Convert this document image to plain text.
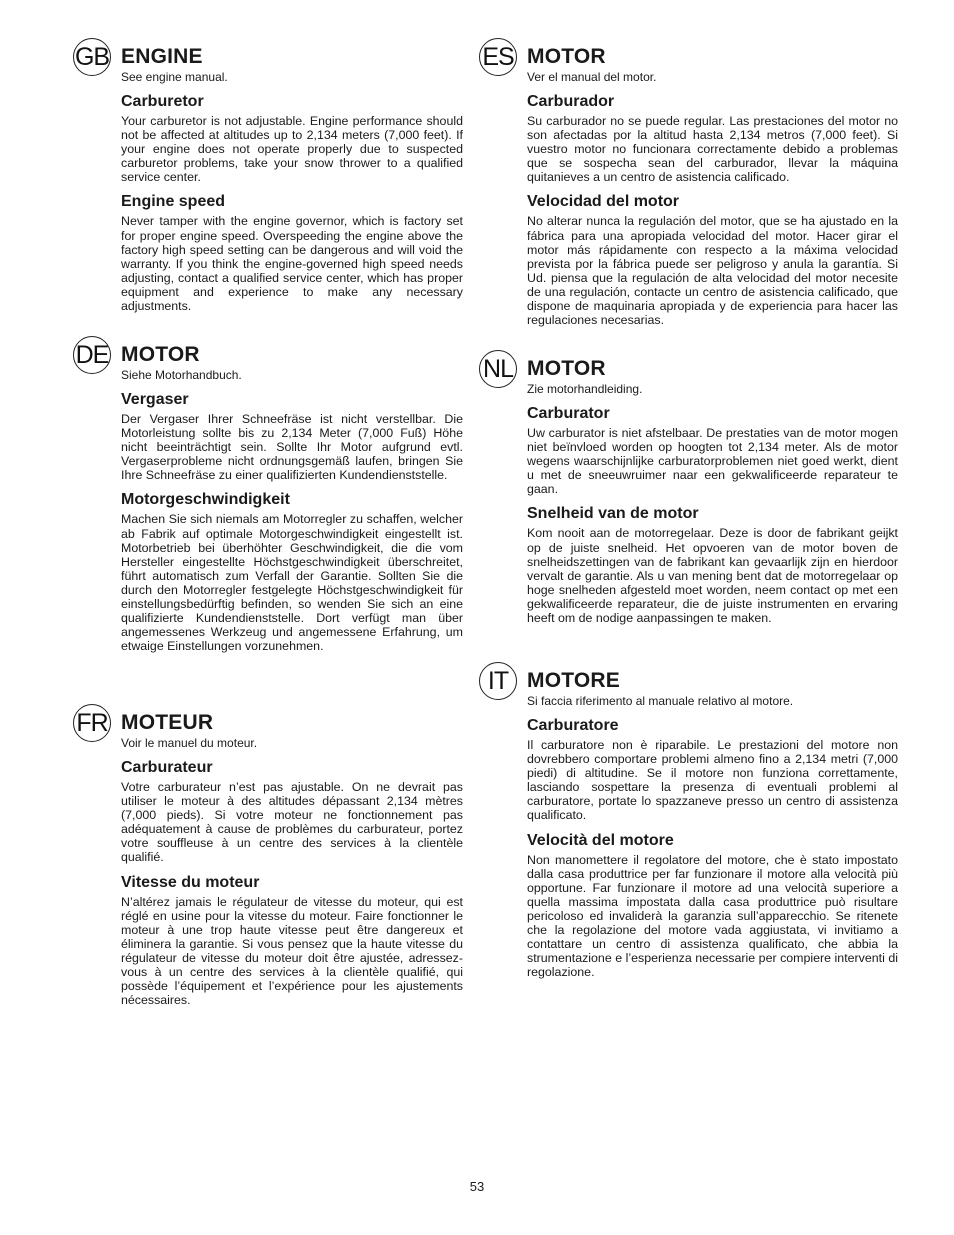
GB ENGINE
See engine manual.
Carburetor

Your carburetor is not adjustable. Engine performance should not be affected at altitudes up to 2,134 meters (7,000 feet). If your engine does not operate properly due to suspected carburetor problems, take your snow thrower to a qualified service center.

Engine speed

Never tamper with the engine governor, which is factory set for proper engine speed. Overspeeding the engine above the factory high speed setting can be dangerous and will void the warranty. If you think the engine-governed high speed needs adjusting, contact a qualified service center, which has proper equipment and experience to make any necessary adjustments.

DE MOTOR
Siehe Motorhandbuch.
Vergaser

Der Vergaser Ihrer Schneefräse ist nicht verstellbar. Die Motorleistung sollte bis zu 2,134 Meter (7,000 Fuß) Höhe nicht beeinträchtigt sein. Sollte Ihr Motor aufgrund evtl. Vergaserprobleme nicht ordnungsgemäß laufen, bringen Sie Ihre Schneefräse zu einer qualifizierten Kundendienststelle.

Motorgeschwindigkeit

Machen Sie sich niemals am Motorregler zu schaffen, welcher ab Fabrik auf optimale Motorgeschwindigkeit eingestellt ist. Motorbetrieb bei überhöhter Geschwindigkeit, die die vom Hersteller eingestellte Höchstgeschwindigkeit überschreitet, führt automatisch zum Verfall der Garantie. Sollten Sie die durch den Motorregler festgelegte Höchstgeschwindigkeit für einstellungsbedürftig befinden, so wenden Sie sich an eine qualifizierte Kundendienststelle. Dort verfügt man über angemessenes Werkzeug und angemessene Erfahrung, um etwaige Einstellungen vorzunehmen.

FR MOTEUR
Voir le manuel du moteur.
Carburateur

Votre carburateur n’est pas ajustable. On ne devrait pas utiliser le moteur à des altitudes dépassant 2,134 mètres (7,000 pieds). Si votre moteur ne fonctionnement pas adéquatement à cause de problèmes du carburateur, portez votre souffleuse à un centre des services à la clientèle qualifié.

Vitesse du moteur

N’altérez jamais le régulateur de vitesse du moteur, qui est réglé en usine pour la vitesse du moteur. Faire fonctionner le moteur à une trop haute vitesse peut être dangereux et éliminera la garantie. Si vous pensez que la haute vitesse du régulateur de vitesse du moteur doit être ajustée, adressez-vous à un centre des services à la clientèle qualifié, qui possède l’équipement et l’expérience pour les ajustements nécessaires.

ES MOTOR
Ver el manual del motor.
Carburador

Su carburador no se puede regular. Las prestaciones del motor no son afectadas por la altitud hasta 2,134 metros (7,000 feet). Si vuestro motor no funcionara correctamente debido a problemas que se sospecha sean del carburador, llevar la máquina quitanieves a un centro de asistencia calificado.

Velocidad del motor

No alterar nunca la regulación del motor, que se ha ajustado en la fábrica para una apropiada velocidad del motor. Hacer girar el motor más rápidamente con respecto a la máxima velocidad prevista por la fábrica puede ser peligroso y anula la garantía. Si Ud. piensa que la regulación de alta velocidad del motor necesite de una regulación, contacte un centro de asistencia calificado, que dispone de maquinaria apropiada y de experiencia para hacer las regulaciones necesarias.

NL MOTOR
Zie motorhandleiding.
Carburator

Uw carburator is niet afstelbaar. De prestaties van de motor mogen niet beïnvloed worden op hoogten tot 2,134 meter. Als de motor wegens waarschijnlijke carburatorproblemen niet goed werkt, dient u met de sneeuwruimer naar een gekwalificeerde reparateur te gaan.

Snelheid van de motor

Kom nooit aan de motorregelaar. Deze is door de fabrikant geijkt op de juiste snelheid. Het opvoeren van de motor boven de snelheidszettingen van de fabrikant kan gevaarlijk zijn en hierdoor vervalt de garantie. Als u van mening bent dat de motorregelaar op hoge snelheden afgesteld moet worden, neem contact op met een gekwalificeerde reparateur, die de juiste instrumenten en ervaring heeft om de nodige aanpassingen te maken.

IT MOTORE
Si faccia riferimento al manuale relativo al motore.
Carburatore

Il carburatore non è riparabile. Le prestazioni del motore non dovrebbero comportare problemi almeno fino a 2,134 metri (7,000 piedi) di altitudine. Se il motore non funziona correttamente, lasciando sospettare la presenza di eventuali problemi al carburatore, portate lo spazzaneve presso un centro di assistenza qualificato.

Velocità del motore

Non manomettere il regolatore del motore, che è stato impostato dalla casa produttrice per far funzionare il motore alla velocità più opportune. Far funzionare il motore ad una velocità superiore a quella massima impostata dalla casa produttrice può risultare pericoloso ed invaliderà la garanzia sull’apparecchio. Se ritenete che la regolazione del motore vada aggiustata, vi invitiamo a contattare un centro di assistenza qualificato, che abbia la strumentazione e l’esperienza necessarie per compiere interventi di regolazione.

53
